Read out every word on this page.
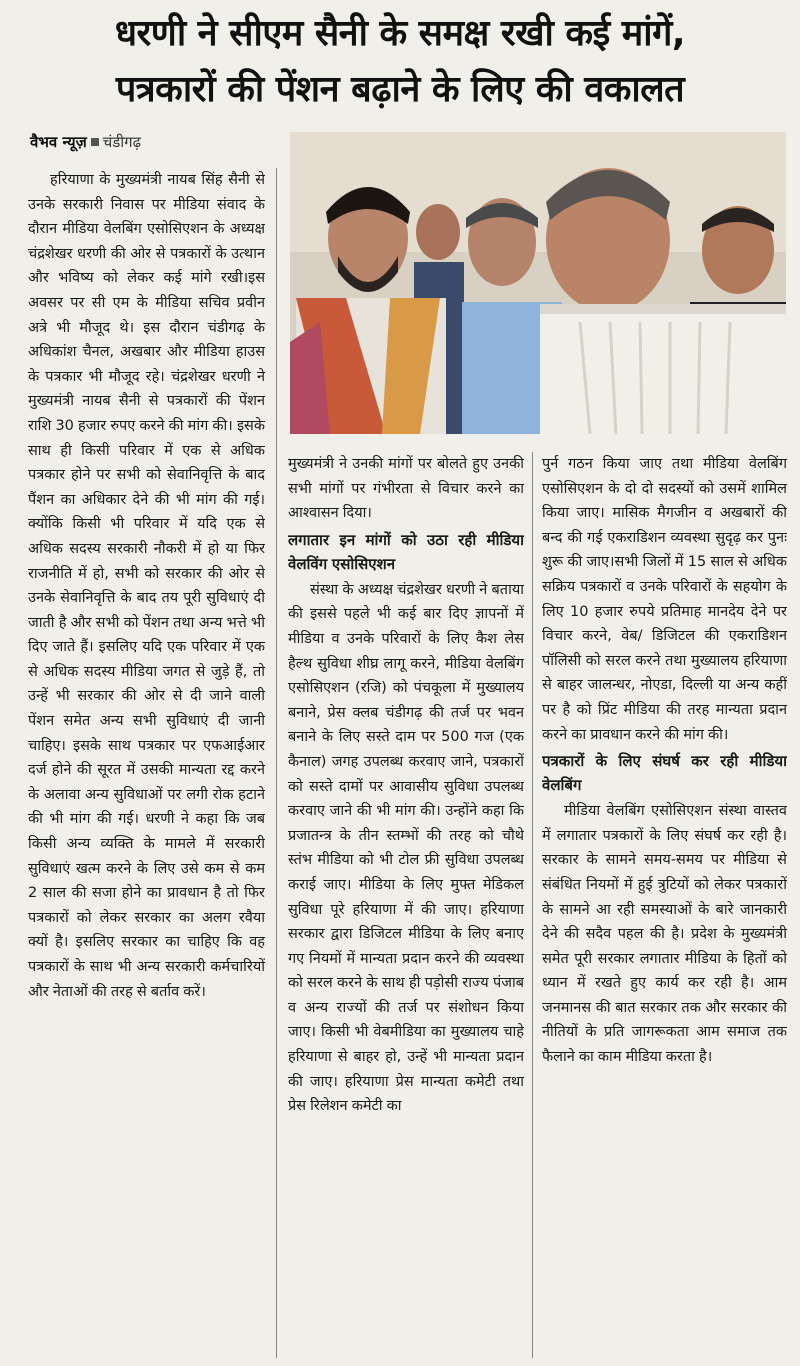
धरणी ने सीएम सैनी के समक्ष रखी कई मांगें,
पत्रकारों की पेंशन बढ़ाने के लिए की वकालत
वैभव न्यूज़ चंडीगढ़

हरियाणा के मुख्यमंत्री नायब सिंह सैनी से उनके सरकारी निवास पर मीडिया संवाद के दौरान मीडिया वेलबिंग एसोसिएशन के अध्यक्ष चंद्रशेखर धरणी की ओर से पत्रकारों के उत्थान और भविष्य को लेकर कई मांगे रखी।इस अवसर पर सी एम के मीडिया सचिव प्रवीन अत्रे भी मौजूद थे। इस दौरान चंडीगढ़ के अधिकांश चैनल, अखबार और मीडिया हाउस के पत्रकार भी मौजूद रहे। चंद्रशेखर धरणी ने मुख्यमंत्री नायब सैनी से पत्रकारों की पेंशन राशि 30 हजार रुपए करने की मांग की। इसके साथ ही किसी परिवार में एक से अधिक पत्रकार होने पर सभी को सेवानिवृत्ति के बाद पैंशन का अधिकार देने की भी मांग की गई। क्योंकि किसी भी परिवार में यदि एक से अधिक सदस्य सरकारी नौकरी में हो या फिर राजनीति में हो, सभी को सरकार की ओर से उनके सेवानिवृत्ति के बाद तय पूरी सुविधाएं दी जाती है और सभी को पेंशन तथा अन्य भत्ते भी दिए जाते हैं। इसलिए यदि एक परिवार में एक से अधिक सदस्य मीडिया जगत से जुड़े हैं, तो उन्हें भी सरकार की ओर से दी जाने वाली पेंशन समेत अन्य सभी सुविधाएं दी जानी चाहिए। इसके साथ पत्रकार पर एफआईआर दर्ज होने की सूरत में उसकी मान्यता रद्द करने के अलावा अन्य सुविधाओं पर लगी रोक हटाने की भी मांग की गई। धरणी ने कहा कि जब किसी अन्य व्यक्ति के मामले में सरकारी सुविधाएं खत्म करने के लिए उसे कम से कम 2 साल की सजा होने का प्रावधान है तो फिर पत्रकारों को लेकर सरकार का अलग रवैया क्यों है। इसलिए सरकार का चाहिए कि वह पत्रकारों के साथ भी अन्य सरकारी कर्मचारियों और नेताओं की तरह से बर्ताव करें।

मुख्यमंत्री ने उनकी मांगों पर बोलते हुए उनकी सभी मांगों पर गंभीरता से विचार करने का आश्वासन दिया।

लगातार इन मांगों को उठा रही मीडिया वेलविंग एसोसिएशन

संस्था के अध्यक्ष चंद्रशेखर धरणी ने बताया की इससे पहले भी कई बार दिए ज्ञापनों में मीडिया व उनके परिवारों के लिए कैश लेस हैल्थ सुविधा शीघ्र लागू करने, मीडिया वेलबिंग एसोसिएशन (रजि) को पंचकूला में मुख्यालय बनाने, प्रेस क्लब चंडीगढ़ की तर्ज पर भवन बनाने के लिए सस्ते दाम पर 500 गज (एक कैनाल) जगह उपलब्ध करवाए जाने, पत्रकारों को सस्ते दामों पर आवासीय सुविधा उपलब्ध करवाए जाने की भी मांग की। उन्होंने कहा कि प्रजातन्त्र के तीन स्तम्भों की तरह को चौथे स्तंभ मीडिया को भी टोल फ्री सुविधा उपलब्ध कराई जाए। मीडिया के लिए मुफ्त मेडिकल सुविधा पूरे हरियाणा में की जाए। हरियाणा सरकार द्वारा डिजिटल मीडिया के लिए बनाए गए नियमों में मान्यता प्रदान करने की व्यवस्था को सरल करने के साथ ही पड़ोसी राज्य पंजाब व अन्य राज्यों की तर्ज पर संशोधन किया जाए। किसी भी वेबमीडिया का मुख्यालय चाहे हरियाणा से बाहर हो, उन्हें भी मान्यता प्रदान की जाए। हरियाणा प्रेस मान्यता कमेटी तथा प्रेस रिलेशन कमेटी का

पुर्न गठन किया जाए तथा मीडिया वेलबिंग एसोसिएशन के दो दो सदस्यों को उसमें शामिल किया जाए। मासिक मैगजीन व अखबारों की बन्द की गई एकराडिशन व्यवस्था सुदृढ़ कर पुनः शुरू की जाए।सभी जिलों में 15 साल से अधिक सक्रिय पत्रकारों व उनके परिवारों के सहयोग के लिए 10 हजार रुपये प्रतिमाह मानदेय देने पर विचार करने, वेब/ डिजिटल की एकराडिशन पॉलिसी को सरल करने तथा मुख्यालय हरियाणा से बाहर जालन्धर, नोएडा, दिल्ली या अन्य कहीं पर है को प्रिंट मीडिया की तरह मान्यता प्रदान करने का प्रावधान करने की मांग की।

पत्रकारों के लिए संघर्ष कर रही मीडिया वेलबिंग

मीडिया वेलबिंग एसोसिएशन संस्था वास्तव में लगातार पत्रकारों के लिए संघर्ष कर रही है। सरकार के सामने समय-समय पर मीडिया से संबंधित नियमों में हुई त्रुटियों को लेकर पत्रकारों के सामने आ रही समस्याओं के बारे जानकारी देने की सदैव पहल की है। प्रदेश के मुख्यमंत्री समेत पूरी सरकार लगातार मीडिया के हितों को ध्यान में रखते हुए कार्य कर रही है। आम जनमानस की बात सरकार तक और सरकार की नीतियों के प्रति जागरूकता आम समाज तक फैलाने का काम मीडिया करता है।
